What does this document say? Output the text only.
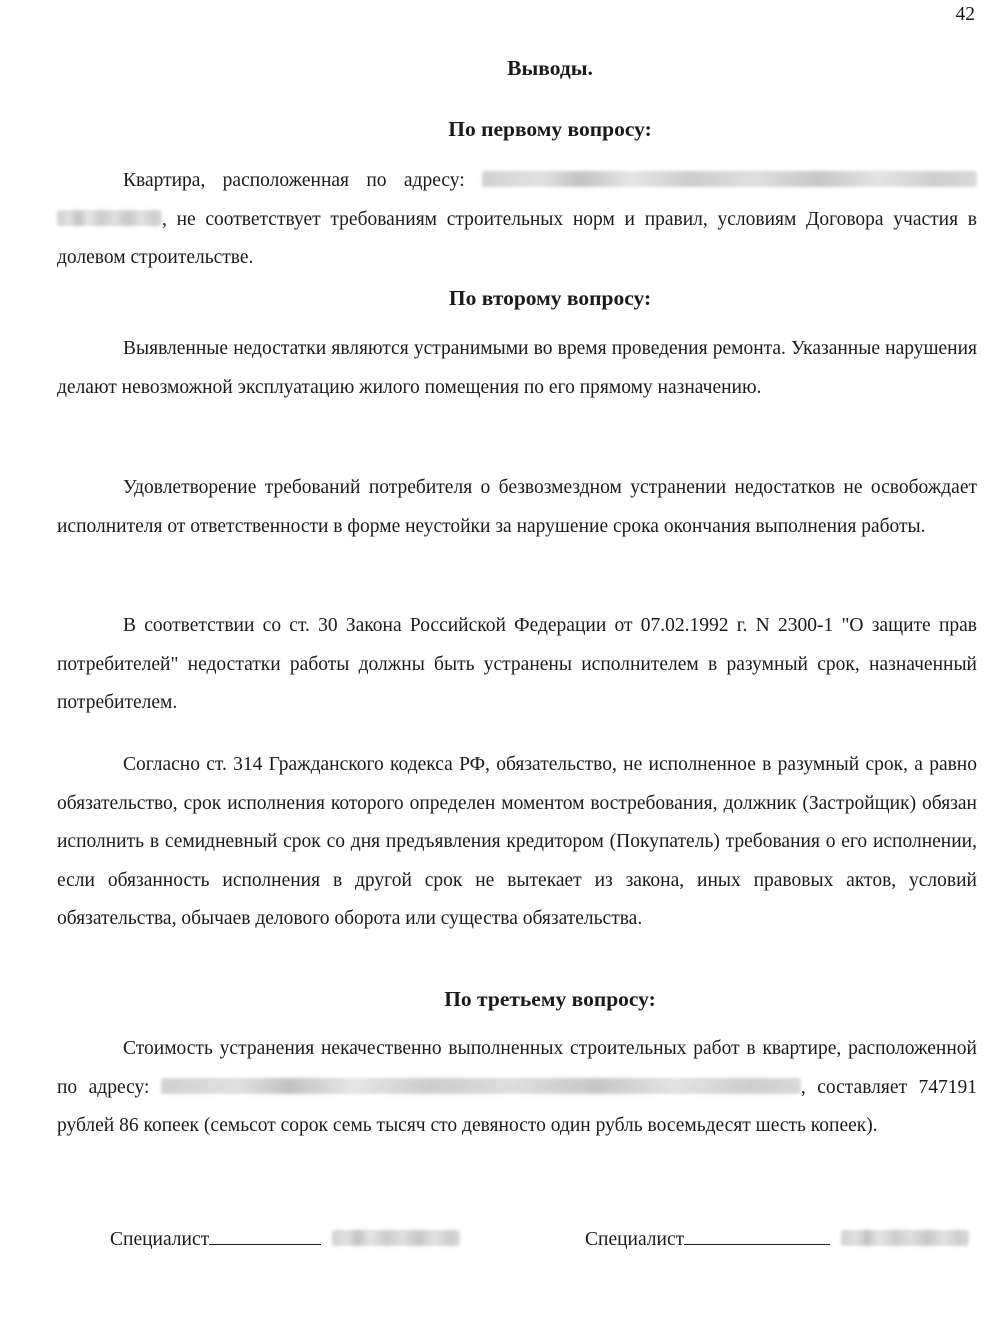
42
Выводы.
По первому вопросу:

Квартира, расположенная по адресу:  , не соответствует требованиям строительных норм и правил, условиям Договора участия в долевом строительстве.

По второму вопросу:

Выявленные недостатки являются устранимыми во время проведения ремонта. Указанные нарушения делают невозможной эксплуатацию жилого помещения по его прямому назначению.

Удовлетворение требований потребителя о безвозмездном устранении недостатков не освобождает исполнителя от ответственности в форме неустойки за нарушение срока окончания выполнения работы.

В соответствии со ст. 30 Закона Российской Федерации от 07.02.1992 г. N 2300-1 "О защите прав потребителей" недостатки работы должны быть устранены исполнителем в разумный срок, назначенный потребителем.

Согласно ст. 314 Гражданского кодекса РФ, обязательство, не исполненное в разумный срок, а равно обязательство, срок исполнения которого определен моментом востребования, должник (Застройщик) обязан исполнить в семидневный срок со дня предъявления кредитором (Покупатель) требования о его исполнении, если обязанность исполнения в другой срок не вытекает из закона, иных правовых актов, условий обязательства, обычаев делового оборота или существа обязательства.

По третьему вопросу:

Стоимость устранения некачественно выполненных строительных работ в квартире, расположенной по адресу:	, составляет 747191 рублей 86 копеек (семьсот сорок семь тысяч сто девяносто один рубль восемьдесят шесть копеек).

Специалист	Специалист
